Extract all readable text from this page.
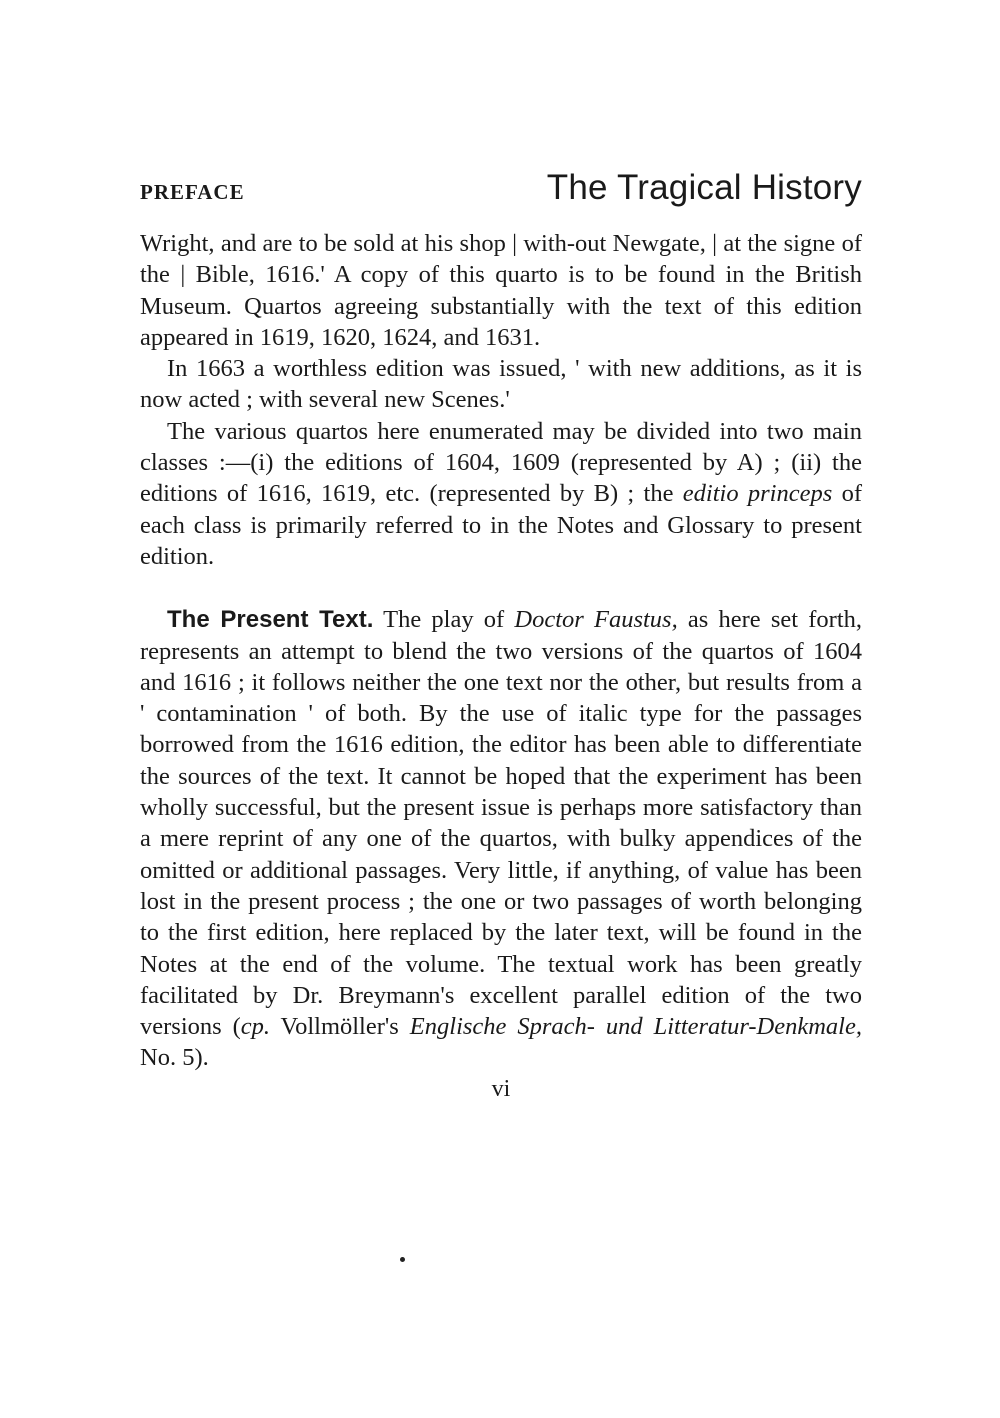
PREFACE	The Tragical History

Wright, and are to be sold at his shop | with-out Newgate, | at the signe of the | Bible, 1616.' A copy of this quarto is to be found in the British Museum. Quartos agreeing substantially with the text of this edition appeared in 1619, 1620, 1624, and 1631.

In 1663 a worthless edition was issued, ' with new additions, as it is now acted ; with several new Scenes.'

The various quartos here enumerated may be divided into two main classes :—(i) the editions of 1604, 1609 (represented by A) ; (ii) the editions of 1616, 1619, etc. (represented by B) ; the editio princeps of each class is primarily referred to in the Notes and Glossary to present edition.

The Present Text. The play of Doctor Faustus, as here set forth, represents an attempt to blend the two versions of the quartos of 1604 and 1616 ; it follows neither the one text nor the other, but results from a ' contamination ' of both. By the use of italic type for the passages borrowed from the 1616 edition, the editor has been able to differentiate the sources of the text. It cannot be hoped that the experiment has been wholly successful, but the present issue is perhaps more satisfactory than a mere reprint of any one of the quartos, with bulky appendices of the omitted or additional passages. Very little, if anything, of value has been lost in the present process ; the one or two passages of worth belonging to the first edition, here replaced by the later text, will be found in the Notes at the end of the volume. The textual work has been greatly facilitated by Dr. Breymann's excellent parallel edition of the two versions (cp. Vollmöller's Englische Sprach- und Litteratur-Denkmale, No. 5).

vi
